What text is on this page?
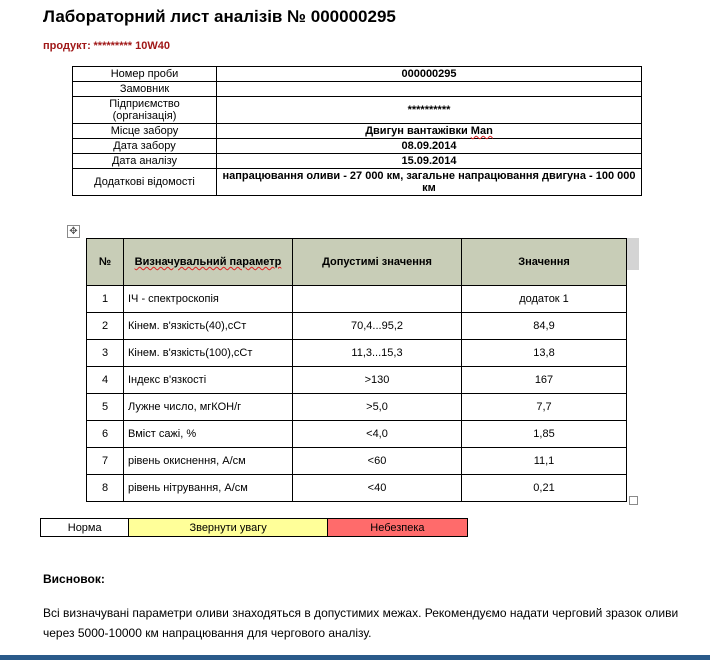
Лабораторний лист аналізів № 000000295
продукт: ********* 10W40
Номер проби	000000295
Замовник	
Підприємство (організація)	**********
Місце забору	Двигун вантажівки Man
Дата забору	08.09.2014
Дата аналізу	15.09.2014
Додаткові відомості	напрацювання оливи - 27 000 км, загальне напрацювання двигуна - 100 000 км
✥
№	Визначувальний параметр	Допустимі значення	Значення
1	ІЧ - спектроскопія		додаток 1
2	Кінем. в'язкість(40),сСт	70,4...95,2	84,9
3	Кінем. в'язкість(100),сСт	11,3...15,3	13,8
4	Індекс в'язкості	>130	167
5	Лужне число, мгКОН/г	>5,0	7,7
6	Вміст сажі, %	<4,0	1,85
7	рівень окиснення, А/см	<60	11,1
8	рівень нітрування, А/см	<40	0,21
Норма	Звернути увагу	Небезпека
Висновок:
Всі визначувані параметри оливи знаходяться в допустимих межах. Рекомендуємо надати черговий зразок оливи через 5000-10000 км напрацювання для чергового аналізу.
